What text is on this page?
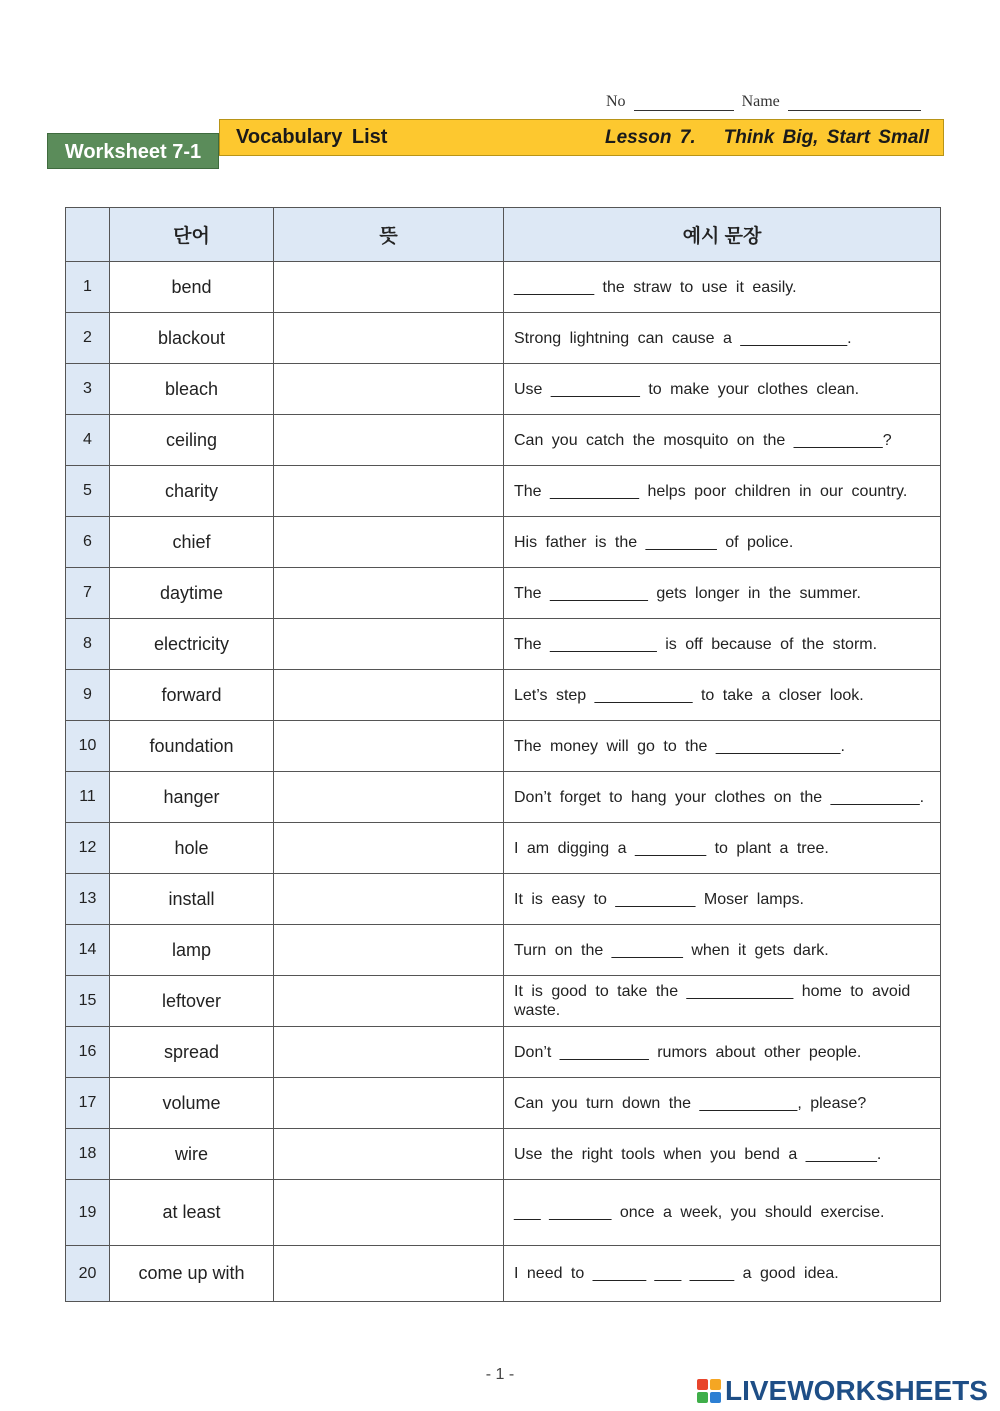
No	Name
Worksheet 7-1
Vocabulary List	Lesson 7. Think Big, Start Small
	단어	뜻	예시 문장
1	bend		_________ the straw to use it easily.
2	blackout		Strong lightning can cause a ____________.
3	bleach		Use __________ to make your clothes clean.
4	ceiling		Can you catch the mosquito on the __________?
5	charity		The __________ helps poor children in our country.
6	chief		His father is the ________ of police.
7	daytime		The ___________ gets longer in the summer.
8	electricity		The ____________ is off because of the storm.
9	forward		Let’s step ___________ to take a closer look.
10	foundation		The money will go to the ______________.
11	hanger		Don’t forget to hang your clothes on the __________.
12	hole		I am digging a ________ to plant a tree.
13	install		It is easy to _________ Moser lamps.
14	lamp		Turn on the ________ when it gets dark.
15	leftover		It is good to take the ____________ home to avoid waste.
16	spread		Don’t __________ rumors about other people.
17	volume		Can you turn down the ___________, please?
18	wire		Use the right tools when you bend a ________.
19	at least		___ _______ once a week, you should exercise.
20	come up with		I need to ______ ___ _____ a good idea.
- 1 -
LIVEWORKSHEETS
